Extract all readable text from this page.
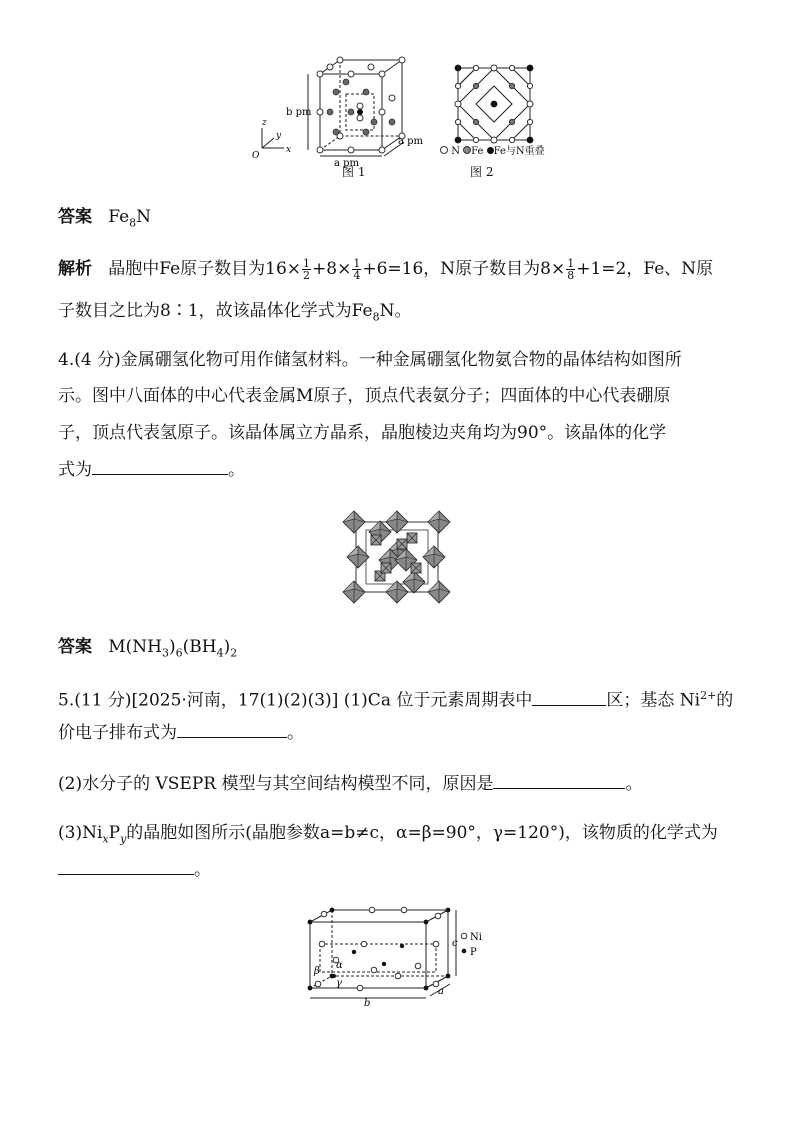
z
y
x
O
b pm
a pm
a pm
图 1
N Fe Fe与N重叠
图 2
答案 $Fe_8N$
解析 晶胞中Fe原子数目为$16\times \frac{1}{2} +8\times \frac{1}{4} +6=16$，N原子数目为$8\times \frac{1}{8} +1=2$，Fe、N原
子数目之比为8∶1，故该晶体化学式为$Fe_8N$。
4.(4 分)金属硼氢化物可用作储氢材料。一种金属硼氢化物氨合物的晶体结构如图所
示。图中八面体的中心代表金属M原子，顶点代表氨分子；四面体的中心代表硼原
子，顶点代表氢原子。该晶体属立方晶系，晶胞棱边夹角均为90°。该晶体的化学
式为	。
答案 $M(NH_3)_6(BH_4)_2$
5.(11 分)[2025·河南，17(1)(2)(3)] (1)Ca 位于元素周期表中	区；基态 $Ni^{2+}$的
价电子排布式为	。
(2)水分子的 VSEPR 模型与其空间结构模型不同，原因是	。
$(3)Ni_xP_y$的晶胞如图所示(晶胞参数a=b≠c，α=β=90°，γ=120°)，该物质的化学式为
。
Ni
P
c
b
a
α
β
γ
